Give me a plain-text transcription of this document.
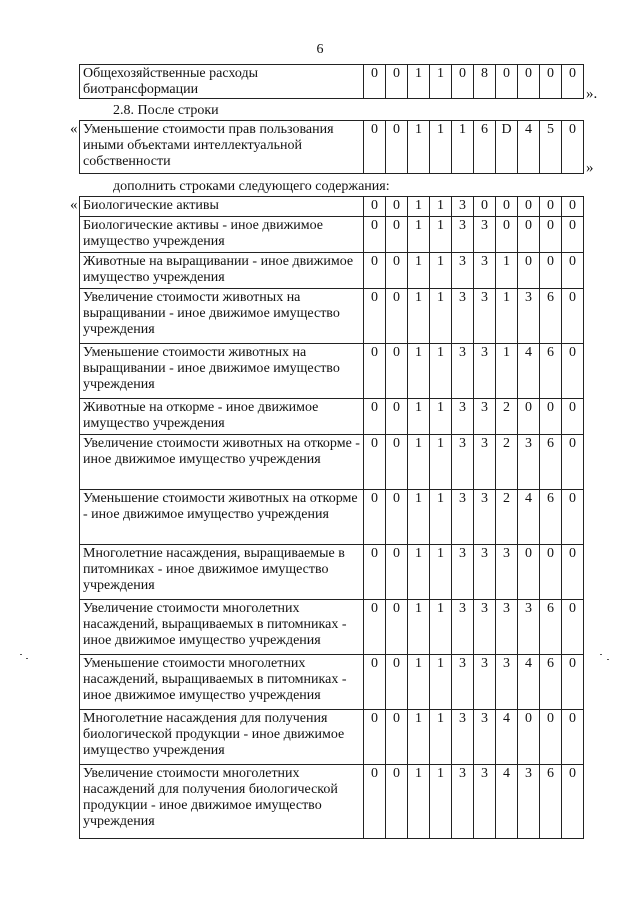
6
Общехозяйственные расходы биотрансформации	0	0	1	1	0	8	0	0	0	0
».
2.8. После строки
« Уменьшение стоимости прав пользования иными объектами интеллектуальной собственности	0	0	1	1	1	6	D	4	5	0
»
дополнить строками следующего содержания:
« Биологические активы	0	0	1	1	3	0	0	0	0	0
Биологические активы - иное движимое имущество учреждения	0	0	1	1	3	3	0	0	0	0
Животные на выращивании - иное движимое имущество учреждения	0	0	1	1	3	3	1	0	0	0
Увеличение стоимости животных на выращивании - иное движимое имущество учреждения	0	0	1	1	3	3	1	3	6	0
Уменьшение стоимости животных на выращивании - иное движимое имущество учреждения	0	0	1	1	3	3	1	4	6	0
Животные на откорме - иное движимое имущество учреждения	0	0	1	1	3	3	2	0	0	0
Увеличение стоимости животных на откорме - иное движимое имущество учреждения	0	0	1	1	3	3	2	3	6	0
Уменьшение стоимости животных на откорме - иное движимое имущество учреждения	0	0	1	1	3	3	2	4	6	0
Многолетние насаждения, выращиваемые в питомниках - иное движимое имущество учреждения	0	0	1	1	3	3	3	0	0	0
Увеличение стоимости многолетних насаждений, выращиваемых в питомниках - иное движимое имущество учреждения	0	0	1	1	3	3	3	3	6	0
Уменьшение стоимости многолетних насаждений, выращиваемых в питомниках - иное движимое имущество учреждения	0	0	1	1	3	3	3	4	6	0
Многолетние насаждения для получения биологической продукции - иное движимое имущество учреждения	0	0	1	1	3	3	4	0	0	0
Увеличение стоимости многолетних насаждений для получения биологической продукции - иное движимое имущество учреждения	0	0	1	1	3	3	4	3	6	0
